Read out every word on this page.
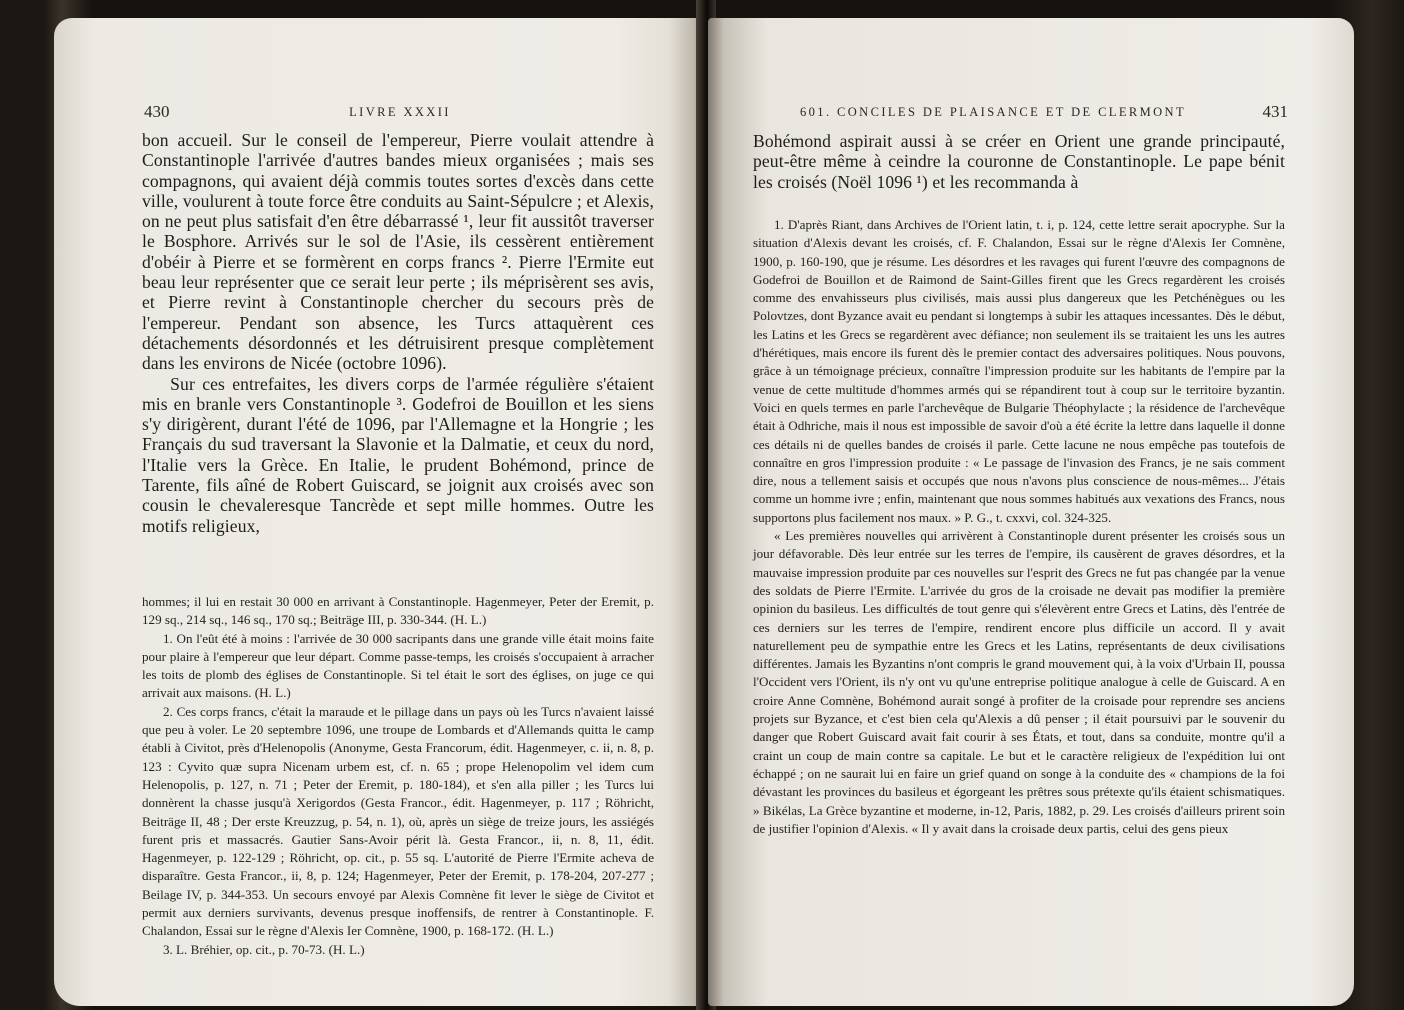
430	LIVRE XXXII

bon accueil. Sur le conseil de l'empereur, Pierre voulait attendre à Constantinople l'arrivée d'autres bandes mieux organisées ; mais ses compagnons, qui avaient déjà commis toutes sortes d'excès dans cette ville, voulurent à toute force être conduits au Saint-Sépulcre ; et Alexis, on ne peut plus satisfait d'en être débarrassé ¹, leur fit aussitôt traverser le Bosphore. Arrivés sur le sol de l'Asie, ils cessèrent entièrement d'obéir à Pierre et se formèrent en corps francs ². Pierre l'Ermite eut beau leur représenter que ce serait leur perte ; ils méprisèrent ses avis, et Pierre revint à Constantinople chercher du secours près de l'empereur. Pendant son absence, les Turcs attaquèrent ces détachements désordonnés et les détruisirent presque complètement dans les environs de Nicée (octobre 1096).

Sur ces entrefaites, les divers corps de l'armée régulière s'étaient mis en branle vers Constantinople ³. Godefroi de Bouillon et les siens s'y dirigèrent, durant l'été de 1096, par l'Allemagne et la Hongrie ; les Français du sud traversant la Slavonie et la Dalmatie, et ceux du nord, l'Italie vers la Grèce. En Italie, le prudent Bohémond, prince de Tarente, fils aîné de Robert Guiscard, se joignit aux croisés avec son cousin le chevaleresque Tancrède et sept mille hommes. Outre les motifs religieux,

hommes; il lui en restait 30 000 en arrivant à Constantinople. Hagenmeyer, Peter der Eremit, p. 129 sq., 214 sq., 146 sq., 170 sq.; Beiträge III, p. 330-344. (H. L.)

1. On l'eût été à moins : l'arrivée de 30 000 sacripants dans une grande ville était moins faite pour plaire à l'empereur que leur départ. Comme passe-temps, les croisés s'occupaient à arracher les toits de plomb des églises de Constantinople. Si tel était le sort des églises, on juge ce qui arrivait aux maisons. (H. L.)

2. Ces corps francs, c'était la maraude et le pillage dans un pays où les Turcs n'avaient laissé que peu à voler. Le 20 septembre 1096, une troupe de Lombards et d'Allemands quitta le camp établi à Civitot, près d'Helenopolis (Anonyme, Gesta Francorum, édit. Hagenmeyer, c. ii, n. 8, p. 123 : Cyvito quæ supra Nicenam urbem est, cf. n. 65 ; prope Helenopolim vel idem cum Helenopolis, p. 127, n. 71 ; Peter der Eremit, p. 180-184), et s'en alla piller ; les Turcs lui donnèrent la chasse jusqu'à Xerigordos (Gesta Francor., édit. Hagenmeyer, p. 117 ; Röhricht, Beiträge II, 48 ; Der erste Kreuzzug, p. 54, n. 1), où, après un siège de treize jours, les assiégés furent pris et massacrés. Gautier Sans-Avoir périt là. Gesta Francor., ii, n. 8, 11, édit. Hagenmeyer, p. 122-129 ; Röhricht, op. cit., p. 55 sq. L'autorité de Pierre l'Ermite acheva de disparaître. Gesta Francor., ii, 8, p. 124; Hagenmeyer, Peter der Eremit, p. 178-204, 207-277 ; Beilage IV, p. 344-353. Un secours envoyé par Alexis Comnène fit lever le siège de Civitot et permit aux derniers survivants, devenus presque inoffensifs, de rentrer à Constantinople. F. Chalandon, Essai sur le règne d'Alexis Ier Comnène, 1900, p. 168-172. (H. L.)

3. L. Bréhier, op. cit., p. 70-73. (H. L.)

601. CONCILES DE PLAISANCE ET DE CLERMONT	431

Bohémond aspirait aussi à se créer en Orient une grande principauté, peut-être même à ceindre la couronne de Constantinople. Le pape bénit les croisés (Noël 1096 ¹) et les recommanda à

1. D'après Riant, dans Archives de l'Orient latin, t. i, p. 124, cette lettre serait apocryphe. Sur la situation d'Alexis devant les croisés, cf. F. Chalandon, Essai sur le règne d'Alexis Ier Comnène, 1900, p. 160-190, que je résume. Les désordres et les ravages qui furent l'œuvre des compagnons de Godefroi de Bouillon et de Raimond de Saint-Gilles firent que les Grecs regardèrent les croisés comme des envahisseurs plus civilisés, mais aussi plus dangereux que les Petchénègues ou les Polovtzes, dont Byzance avait eu pendant si longtemps à subir les attaques incessantes. Dès le début, les Latins et les Grecs se regardèrent avec défiance; non seulement ils se traitaient les uns les autres d'hérétiques, mais encore ils furent dès le premier contact des adversaires politiques. Nous pouvons, grâce à un témoignage précieux, connaître l'impression produite sur les habitants de l'empire par la venue de cette multitude d'hommes armés qui se répandirent tout à coup sur le territoire byzantin. Voici en quels termes en parle l'archevêque de Bulgarie Théophylacte ; la résidence de l'archevêque était à Odhriche, mais il nous est impossible de savoir d'où a été écrite la lettre dans laquelle il donne ces détails ni de quelles bandes de croisés il parle. Cette lacune ne nous empêche pas toutefois de connaître en gros l'impression produite : « Le passage de l'invasion des Francs, je ne sais comment dire, nous a tellement saisis et occupés que nous n'avons plus conscience de nous-mêmes... J'étais comme un homme ivre ; enfin, maintenant que nous sommes habitués aux vexations des Francs, nous supportons plus facilement nos maux. » P. G., t. cxxvi, col. 324-325.

« Les premières nouvelles qui arrivèrent à Constantinople durent présenter les croisés sous un jour défavorable. Dès leur entrée sur les terres de l'empire, ils causèrent de graves désordres, et la mauvaise impression produite par ces nouvelles sur l'esprit des Grecs ne fut pas changée par la venue des soldats de Pierre l'Ermite. L'arrivée du gros de la croisade ne devait pas modifier la première opinion du basileus. Les difficultés de tout genre qui s'élevèrent entre Grecs et Latins, dès l'entrée de ces derniers sur les terres de l'empire, rendirent encore plus difficile un accord. Il y avait naturellement peu de sympathie entre les Grecs et les Latins, représentants de deux civilisations différentes. Jamais les Byzantins n'ont compris le grand mouvement qui, à la voix d'Urbain II, poussa l'Occident vers l'Orient, ils n'y ont vu qu'une entreprise politique analogue à celle de Guiscard. A en croire Anne Comnène, Bohémond aurait songé à profiter de la croisade pour reprendre ses anciens projets sur Byzance, et c'est bien cela qu'Alexis a dû penser ; il était poursuivi par le souvenir du danger que Robert Guiscard avait fait courir à ses États, et tout, dans sa conduite, montre qu'il a craint un coup de main contre sa capitale. Le but et le caractère religieux de l'expédition lui ont échappé ; on ne saurait lui en faire un grief quand on songe à la conduite des « champions de la foi dévastant les provinces du basileus et égorgeant les prêtres sous prétexte qu'ils étaient schismatiques. » Bikélas, La Grèce byzantine et moderne, in-12, Paris, 1882, p. 29. Les croisés d'ailleurs prirent soin de justifier l'opinion d'Alexis. « Il y avait dans la croisade deux partis, celui des gens pieux
